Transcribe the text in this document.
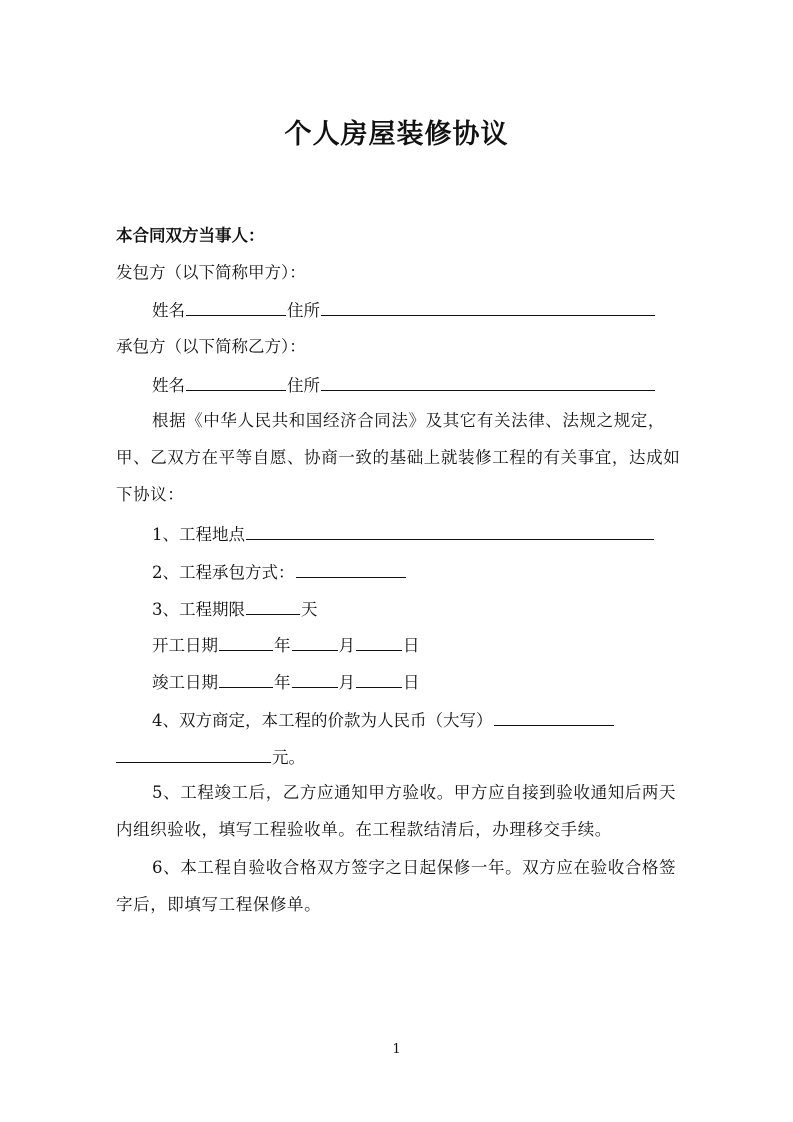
个人房屋装修协议
本合同双方当事人：
发包方（以下简称甲方）：
姓名	住所
承包方（以下简称乙方）：
姓名	住所
根据《中华人民共和国经济合同法》及其它有关法律、法规之规定，甲、乙双方在平等自愿、协商一致的基础上就装修工程的有关事宜，达成如下协议：
1、工程地点
2、工程承包方式：
3、工程期限	天
开工日期	年	月	日
竣工日期	年	月	日
4、双方商定，本工程的价款为人民币（大写）
元。
5、工程竣工后，乙方应通知甲方验收。甲方应自接到验收通知后两天内组织验收，填写工程验收单。在工程款结清后，办理移交手续。
6、本工程自验收合格双方签字之日起保修一年。双方应在验收合格签字后，即填写工程保修单。
1
